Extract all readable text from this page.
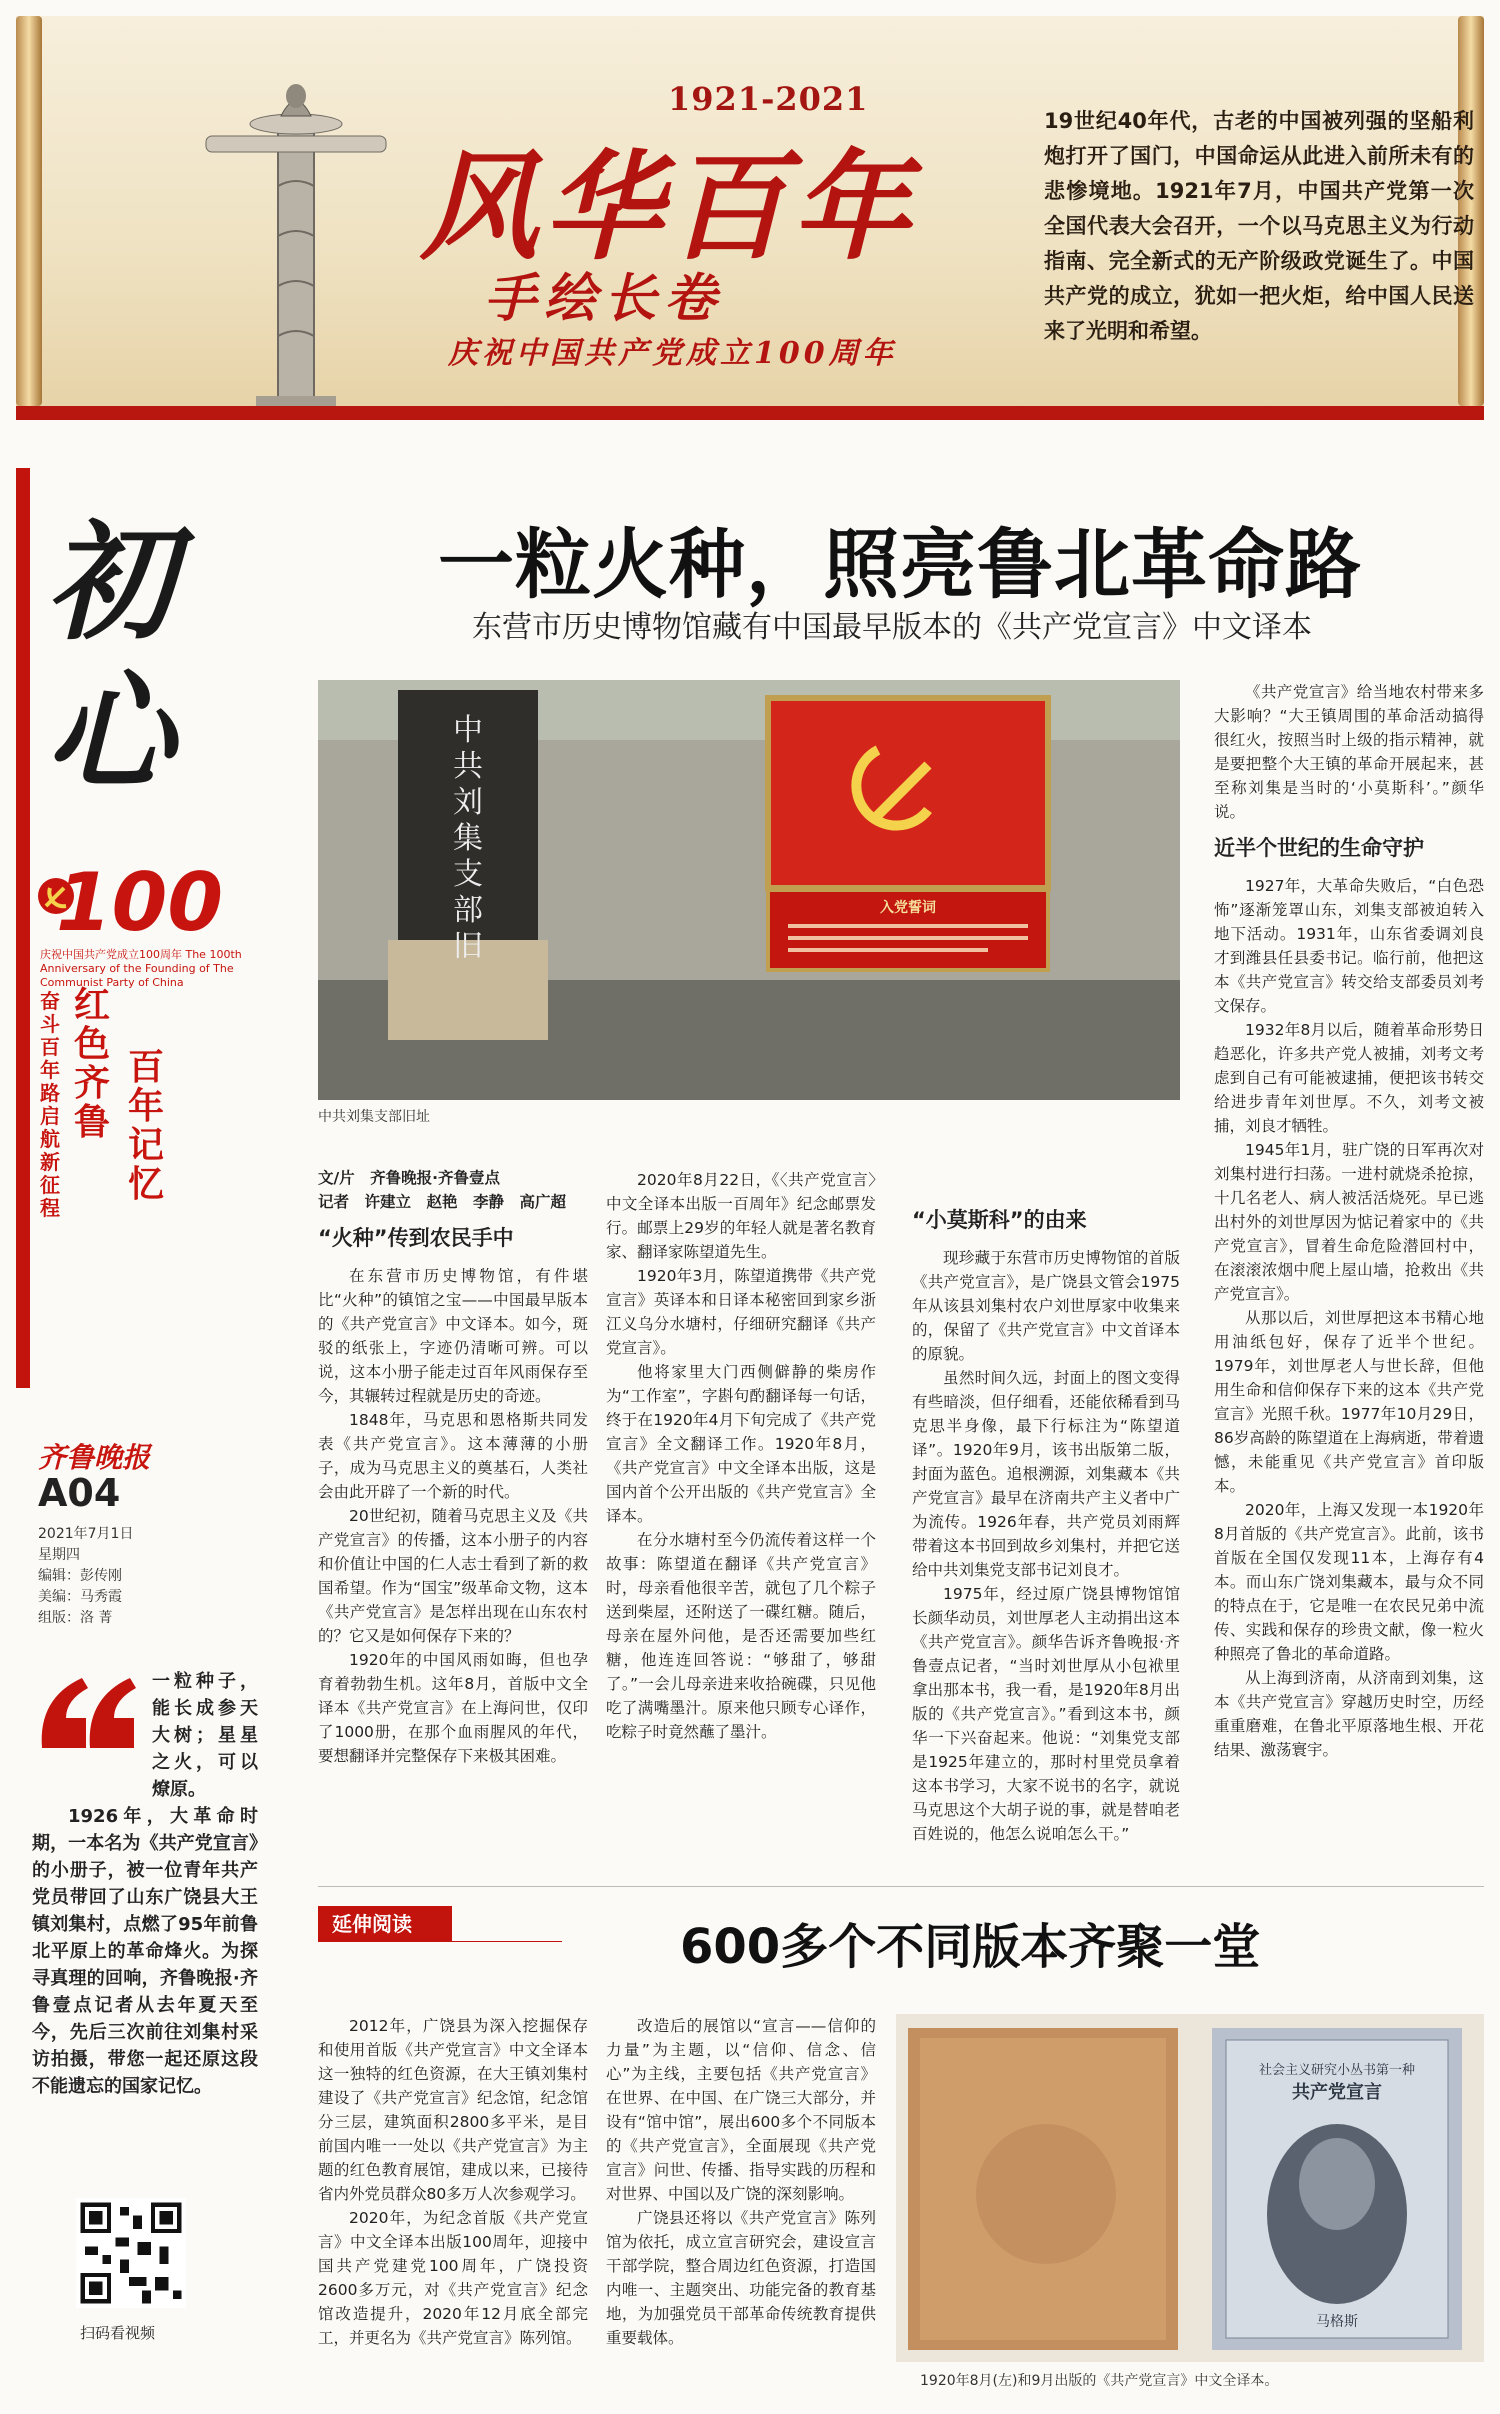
1921-2021
风华百年
手绘长卷
庆祝中国共产党成立100周年
19世纪40年代，古老的中国被列强的坚船利炮打开了国门，中国命运从此进入前所未有的悲惨境地。1921年7月，中国共产党第一次全国代表大会召开，一个以马克思主义为行动指南、完全新式的无产阶级政党诞生了。中国共产党的成立，犹如一把火炬，给中国人民送来了光明和希望。
初心
100
庆祝中国共产党成立100周年 The 100th Anniversary of the Founding of The Communist Party of China
奋斗百年路 启航新征程
红色齐鲁
百年记忆
齐鲁晚报
A04
2021年7月1日
星期四
编辑：彭传刚
美编：马秀霞
组版：洛 菁
一粒种子，能长成参天大树；星星之火，可以燎原。
1926年，大革命时期，一本名为《共产党宣言》的小册子，被一位青年共产党员带回了山东广饶县大王镇刘集村，点燃了95年前鲁北平原上的革命烽火。为探寻真理的回响，齐鲁晚报·齐鲁壹点记者从去年夏天至今，先后三次前往刘集村采访拍摄，带您一起还原这段不能遗忘的国家记忆。
扫码看视频
一粒火种，照亮鲁北革命路
东营市历史博物馆藏有中国最早版本的《共产党宣言》中文译本
中共刘集支部旧
入党誓词
中共刘集支部旧址
文/片　齐鲁晚报·齐鲁壹点
记者　许建立　赵艳　李静　高广超
“火种”传到农民手中

在东营市历史博物馆，有件堪比“火种”的镇馆之宝——中国最早版本的《共产党宣言》中文译本。如今，斑驳的纸张上，字迹仍清晰可辨。可以说，这本小册子能走过百年风雨保存至今，其辗转过程就是历史的奇迹。

1848年，马克思和恩格斯共同发表《共产党宣言》。这本薄薄的小册子，成为马克思主义的奠基石，人类社会由此开辟了一个新的时代。

20世纪初，随着马克思主义及《共产党宣言》的传播，这本小册子的内容和价值让中国的仁人志士看到了新的救国希望。作为“国宝”级革命文物，这本《共产党宣言》是怎样出现在山东农村的？它又是如何保存下来的？

1920年的中国风雨如晦，但也孕育着勃勃生机。这年8月，首版中文全译本《共产党宣言》在上海问世，仅印了1000册，在那个血雨腥风的年代，要想翻译并完整保存下来极其困难。

2020年8月22日，《〈共产党宣言〉中文全译本出版一百周年》纪念邮票发行。邮票上29岁的年轻人就是著名教育家、翻译家陈望道先生。

1920年3月，陈望道携带《共产党宣言》英译本和日译本秘密回到家乡浙江义乌分水塘村，仔细研究翻译《共产党宣言》。

他将家里大门西侧僻静的柴房作为“工作室”，字斟句酌翻译每一句话，终于在1920年4月下旬完成了《共产党宣言》全文翻译工作。1920年8月，《共产党宣言》中文全译本出版，这是国内首个公开出版的《共产党宣言》全译本。

在分水塘村至今仍流传着这样一个故事：陈望道在翻译《共产党宣言》时，母亲看他很辛苦，就包了几个粽子送到柴屋，还附送了一碟红糖。随后，母亲在屋外问他，是否还需要加些红糖，他连连回答说：“够甜了，够甜了。”一会儿母亲进来收拾碗碟，只见他吃了满嘴墨汁。原来他只顾专心译作，吃粽子时竟然蘸了墨汁。

“小莫斯科”的由来

现珍藏于东营市历史博物馆的首版《共产党宣言》，是广饶县文管会1975年从该县刘集村农户刘世厚家中收集来的，保留了《共产党宣言》中文首译本的原貌。

虽然时间久远，封面上的图文变得有些暗淡，但仔细看，还能依稀看到马克思半身像，最下行标注为“陈望道译”。1920年9月，该书出版第二版，封面为蓝色。追根溯源，刘集藏本《共产党宣言》最早在济南共产主义者中广为流传。1926年春，共产党员刘雨辉带着这本书回到故乡刘集村，并把它送给中共刘集党支部书记刘良才。

1975年，经过原广饶县博物馆馆长颜华动员，刘世厚老人主动捐出这本《共产党宣言》。颜华告诉齐鲁晚报·齐鲁壹点记者，“当时刘世厚从小包袱里拿出那本书，我一看，是1920年8月出版的《共产党宣言》。”看到这本书，颜华一下兴奋起来。他说：“刘集党支部是1925年建立的，那时村里党员拿着这本书学习，大家不说书的名字，就说马克思这个大胡子说的事，就是替咱老百姓说的，他怎么说咱怎么干。”

《共产党宣言》给当地农村带来多大影响？“大王镇周围的革命活动搞得很红火，按照当时上级的指示精神，就是要把整个大王镇的革命开展起来，甚至称刘集是当时的‘小莫斯科’。”颜华说。

近半个世纪的生命守护

1927年，大革命失败后，“白色恐怖”逐渐笼罩山东，刘集支部被迫转入地下活动。1931年，山东省委调刘良才到潍县任县委书记。临行前，他把这本《共产党宣言》转交给支部委员刘考文保存。

1932年8月以后，随着革命形势日趋恶化，许多共产党人被捕，刘考文考虑到自己有可能被逮捕，便把该书转交给进步青年刘世厚。不久，刘考文被捕，刘良才牺牲。

1945年1月，驻广饶的日军再次对刘集村进行扫荡。一进村就烧杀抢掠，十几名老人、病人被活活烧死。早已逃出村外的刘世厚因为惦记着家中的《共产党宣言》，冒着生命危险潜回村中，在滚滚浓烟中爬上屋山墙，抢救出《共产党宣言》。

从那以后，刘世厚把这本书精心地用油纸包好，保存了近半个世纪。1979年，刘世厚老人与世长辞，但他用生命和信仰保存下来的这本《共产党宣言》光照千秋。1977年10月29日，86岁高龄的陈望道在上海病逝，带着遗憾，未能重见《共产党宣言》首印版本。

2020年，上海又发现一本1920年8月首版的《共产党宣言》。此前，该书首版在全国仅发现11本，上海存有4本。而山东广饶刘集藏本，最与众不同的特点在于，它是唯一在农民兄弟中流传、实践和保存的珍贵文献，像一粒火种照亮了鲁北的革命道路。

从上海到济南，从济南到刘集，这本《共产党宣言》穿越历史时空，历经重重磨难，在鲁北平原落地生根、开花结果、激荡寰宇。

延伸阅读	600多个不同版本齐聚一堂

2012年，广饶县为深入挖掘保存和使用首版《共产党宣言》中文全译本这一独特的红色资源，在大王镇刘集村建设了《共产党宣言》纪念馆，纪念馆分三层，建筑面积2800多平米，是目前国内唯一一处以《共产党宣言》为主题的红色教育展馆，建成以来，已接待省内外党员群众80多万人次参观学习。

2020年，为纪念首版《共产党宣言》中文全译本出版100周年，迎接中国共产党建党100周年，广饶投资2600多万元，对《共产党宣言》纪念馆改造提升，2020年12月底全部完工，并更名为《共产党宣言》陈列馆。

改造后的展馆以“宣言——信仰的力量”为主题，以“信仰、信念、信心”为主线，主要包括《共产党宣言》在世界、在中国、在广饶三大部分，并设有“馆中馆”，展出600多个不同版本的《共产党宣言》，全面展现《共产党宣言》问世、传播、指导实践的历程和对世界、中国以及广饶的深刻影响。

广饶县还将以《共产党宣言》陈列馆为依托，成立宣言研究会，建设宣言干部学院，整合周边红色资源，打造国内唯一、主题突出、功能完备的教育基地，为加强党员干部革命传统教育提供重要载体。

社会主义研究小丛书第一种
共产党宣言
马格斯
1920年8月(左)和9月出版的《共产党宣言》中文全译本。
